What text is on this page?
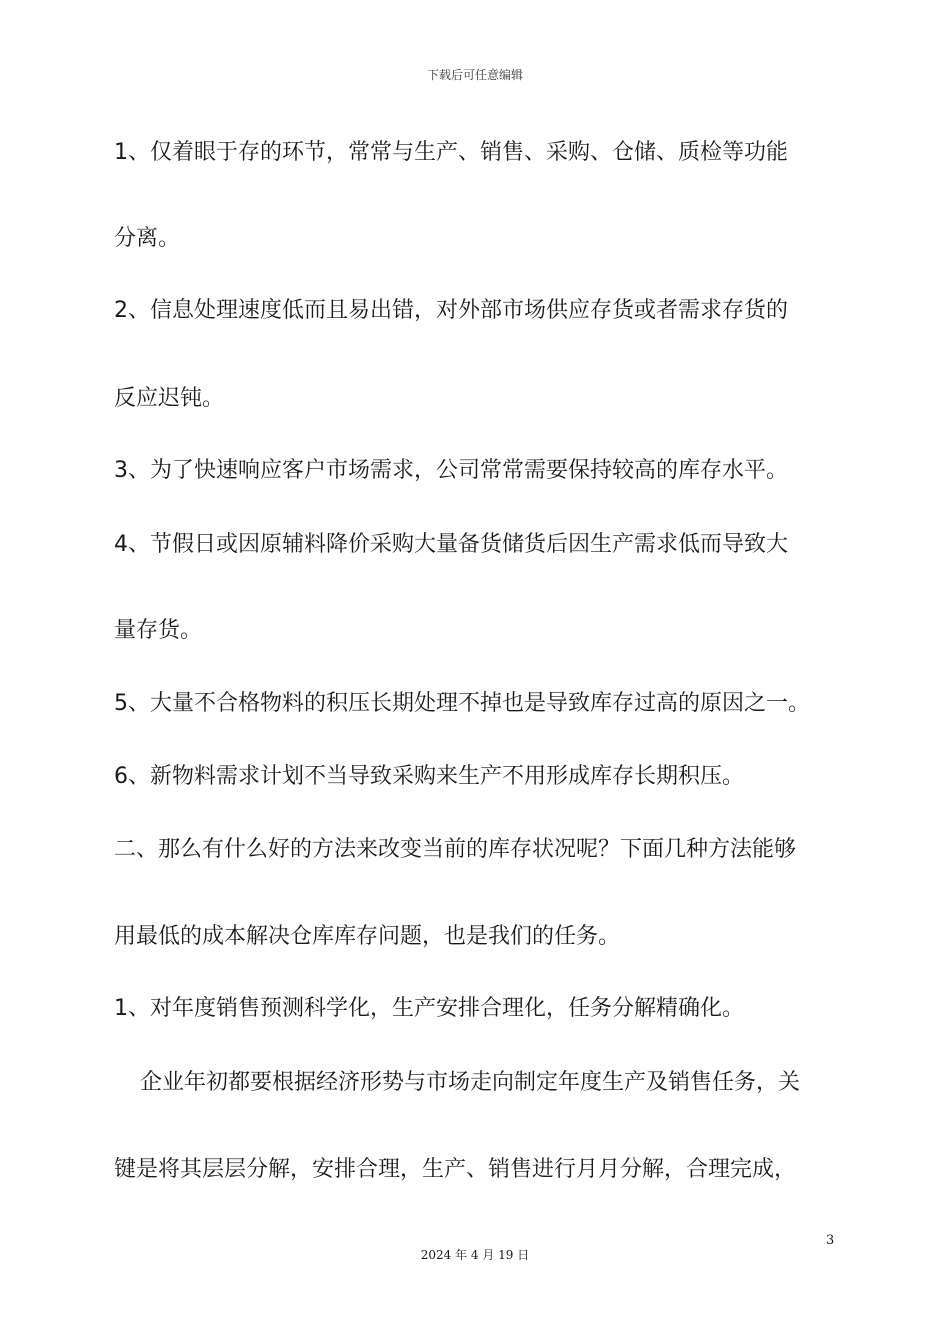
下载后可任意编辑
1、仅着眼于存的环节，常常与生产、销售、采购、仓储、质检等功能
分离。
2、信息处理速度低而且易出错，对外部市场供应存货或者需求存货的
反应迟钝。
3、为了快速响应客户市场需求，公司常常需要保持较高的库存水平。
4、节假日或因原辅料降价采购大量备货储货后因生产需求低而导致大
量存货。
5、大量不合格物料的积压长期处理不掉也是导致库存过高的原因之一。
6、新物料需求计划不当导致采购来生产不用形成库存长期积压。
二、那么有什么好的方法来改变当前的库存状况呢？下面几种方法能够
用最低的成本解决仓库库存问题，也是我们的任务。
1、对年度销售预测科学化，生产安排合理化，任务分解精确化。
企业年初都要根据经济形势与市场走向制定年度生产及销售任务，关
键是将其层层分解，安排合理，生产、销售进行月月分解，合理完成，
3
2024 年 4 月 19 日
